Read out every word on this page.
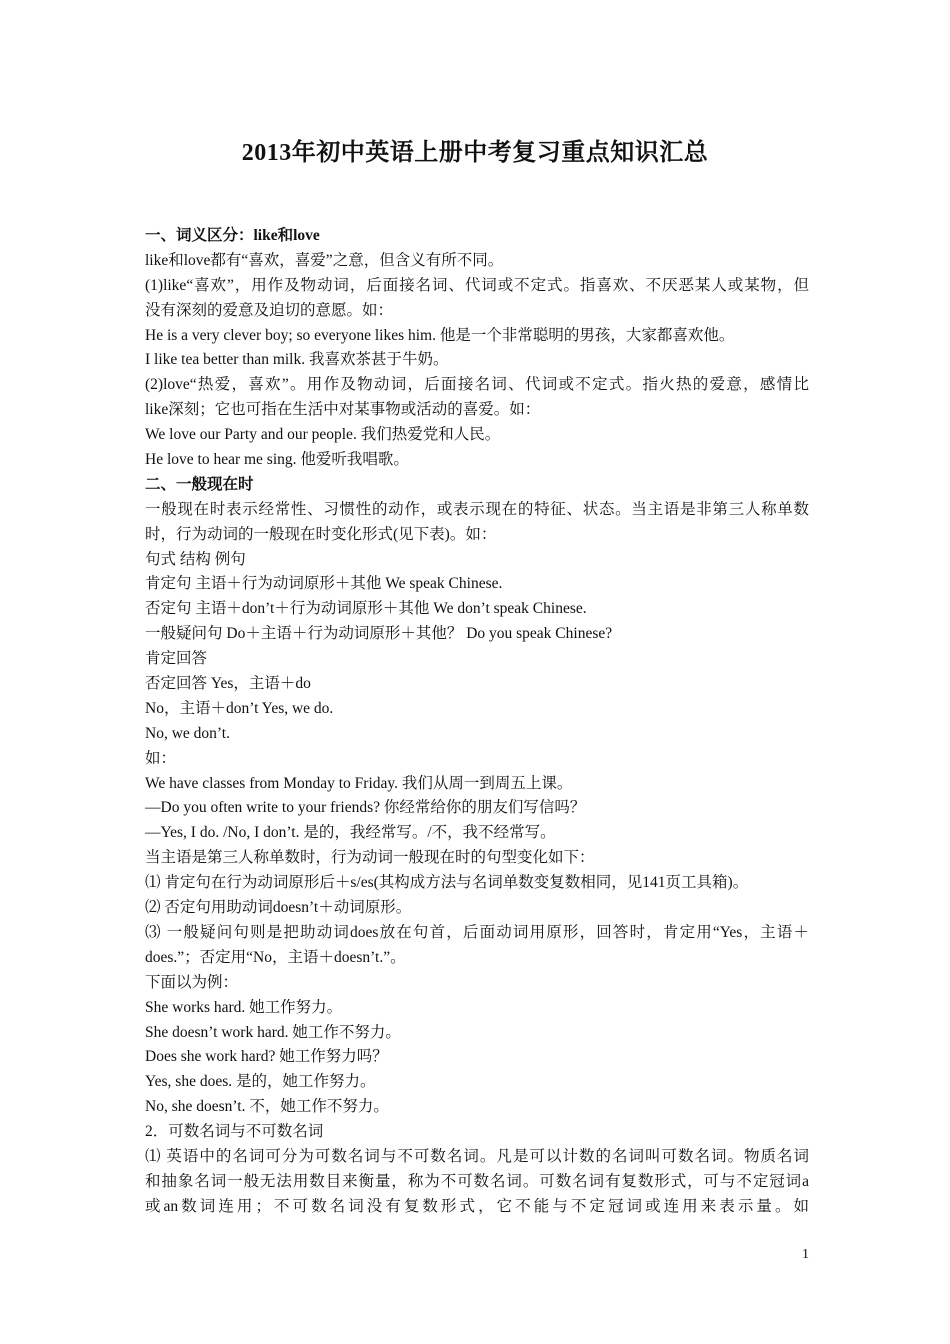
2013年初中英语上册中考复习重点知识汇总
一、词义区分：like和love
like和love都有“喜欢，喜爱”之意，但含义有所不同。
(1)like“喜欢”，用作及物动词，后面接名词、代词或不定式。指喜欢、不厌恶某人或某物，但
没有深刻的爱意及迫切的意愿。如：
He is a very clever boy; so everyone likes him. 他是一个非常聪明的男孩，大家都喜欢他。
I like tea better than milk. 我喜欢茶甚于牛奶。
(2)love“热爱，喜欢”。用作及物动词，后面接名词、代词或不定式。指火热的爱意，感情比
like深刻；它也可指在生活中对某事物或活动的喜爱。如：
We love our Party and our people. 我们热爱党和人民。
He love to hear me sing. 他爱听我唱歌。
二、一般现在时
一般现在时表示经常性、习惯性的动作，或表示现在的特征、状态。当主语是非第三人称单数
时，行为动词的一般现在时变化形式(见下表)。如：
句式 结构 例句
肯定句 主语＋行为动词原形＋其他 We speak Chinese.
否定句 主语＋don’t＋行为动词原形＋其他 We don’t speak Chinese.
一般疑问句 Do＋主语＋行为动词原形＋其他？ Do you speak Chinese?
肯定回答
否定回答 Yes，主语＋do
No，主语＋don’t Yes, we do.
No, we don’t.
如：
We have classes from Monday to Friday. 我们从周一到周五上课。
—Do you often write to your friends? 你经常给你的朋友们写信吗？
—Yes, I do. /No, I don’t. 是的，我经常写。/不，我不经常写。
当主语是第三人称单数时，行为动词一般现在时的句型变化如下：
⑴ 肯定句在行为动词原形后＋s/es(其构成方法与名词单数变复数相同，见141页工具箱)。
⑵ 否定句用助动词doesn’t＋动词原形。
⑶ 一般疑问句则是把助动词does放在句首，后面动词用原形，回答时，肯定用“Yes，主语＋
does.”；否定用“No，主语＋doesn’t.”。
下面以为例：
She works hard. 她工作努力。
She doesn’t work hard. 她工作不努力。
Does she work hard? 她工作努力吗？
Yes, she does. 是的，她工作努力。
No, she doesn’t. 不，她工作不努力。
2．可数名词与不可数名词
⑴ 英语中的名词可分为可数名词与不可数名词。凡是可以计数的名词叫可数名词。物质名词
和抽象名词一般无法用数目来衡量，称为不可数名词。可数名词有复数形式，可与不定冠词a
或an数词连用；不可数名词没有复数形式，它不能与不定冠词或连用来表示量。如
1
